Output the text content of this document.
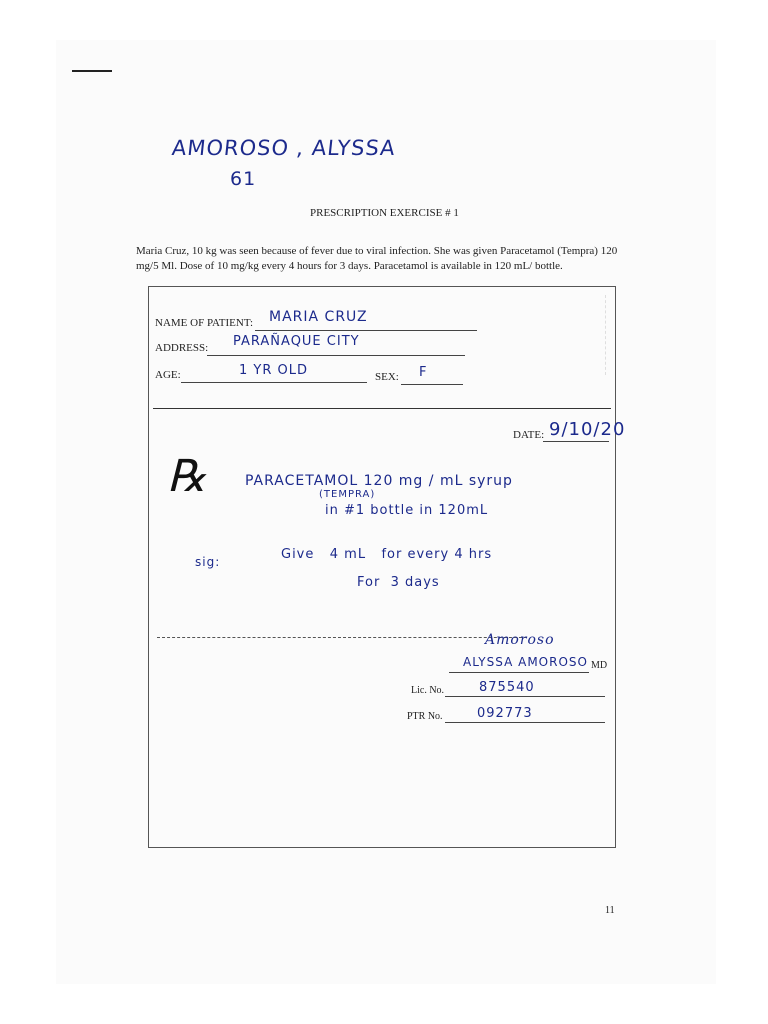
AMOROSO , ALYSSA
61
PRESCRIPTION EXERCISE # 1
Maria Cruz, 10 kg was seen because of fever due to viral infection. She was given Paracetamol (Tempra) 120 mg/5 Ml. Dose of 10 mg/kg every 4 hours for 3 days. Paracetamol is available in 120 mL/ bottle.
NAME OF PATIENT: MARIA CRUZ
ADDRESS: PARAÑAQUE CITY
AGE:	1 YR OLD	SEX: F
DATE: 9/10/20
℞	PARACETAMOL 120 mg / mL syrup
(TEMPRA)
in #1 bottle in 120mL
sig:	Give   4 mL   for every 4 hrs
For  3 days
Amoroso
ALYSSA AMOROSO MD
Lic. No.	875540
PTR No.	092773
11
